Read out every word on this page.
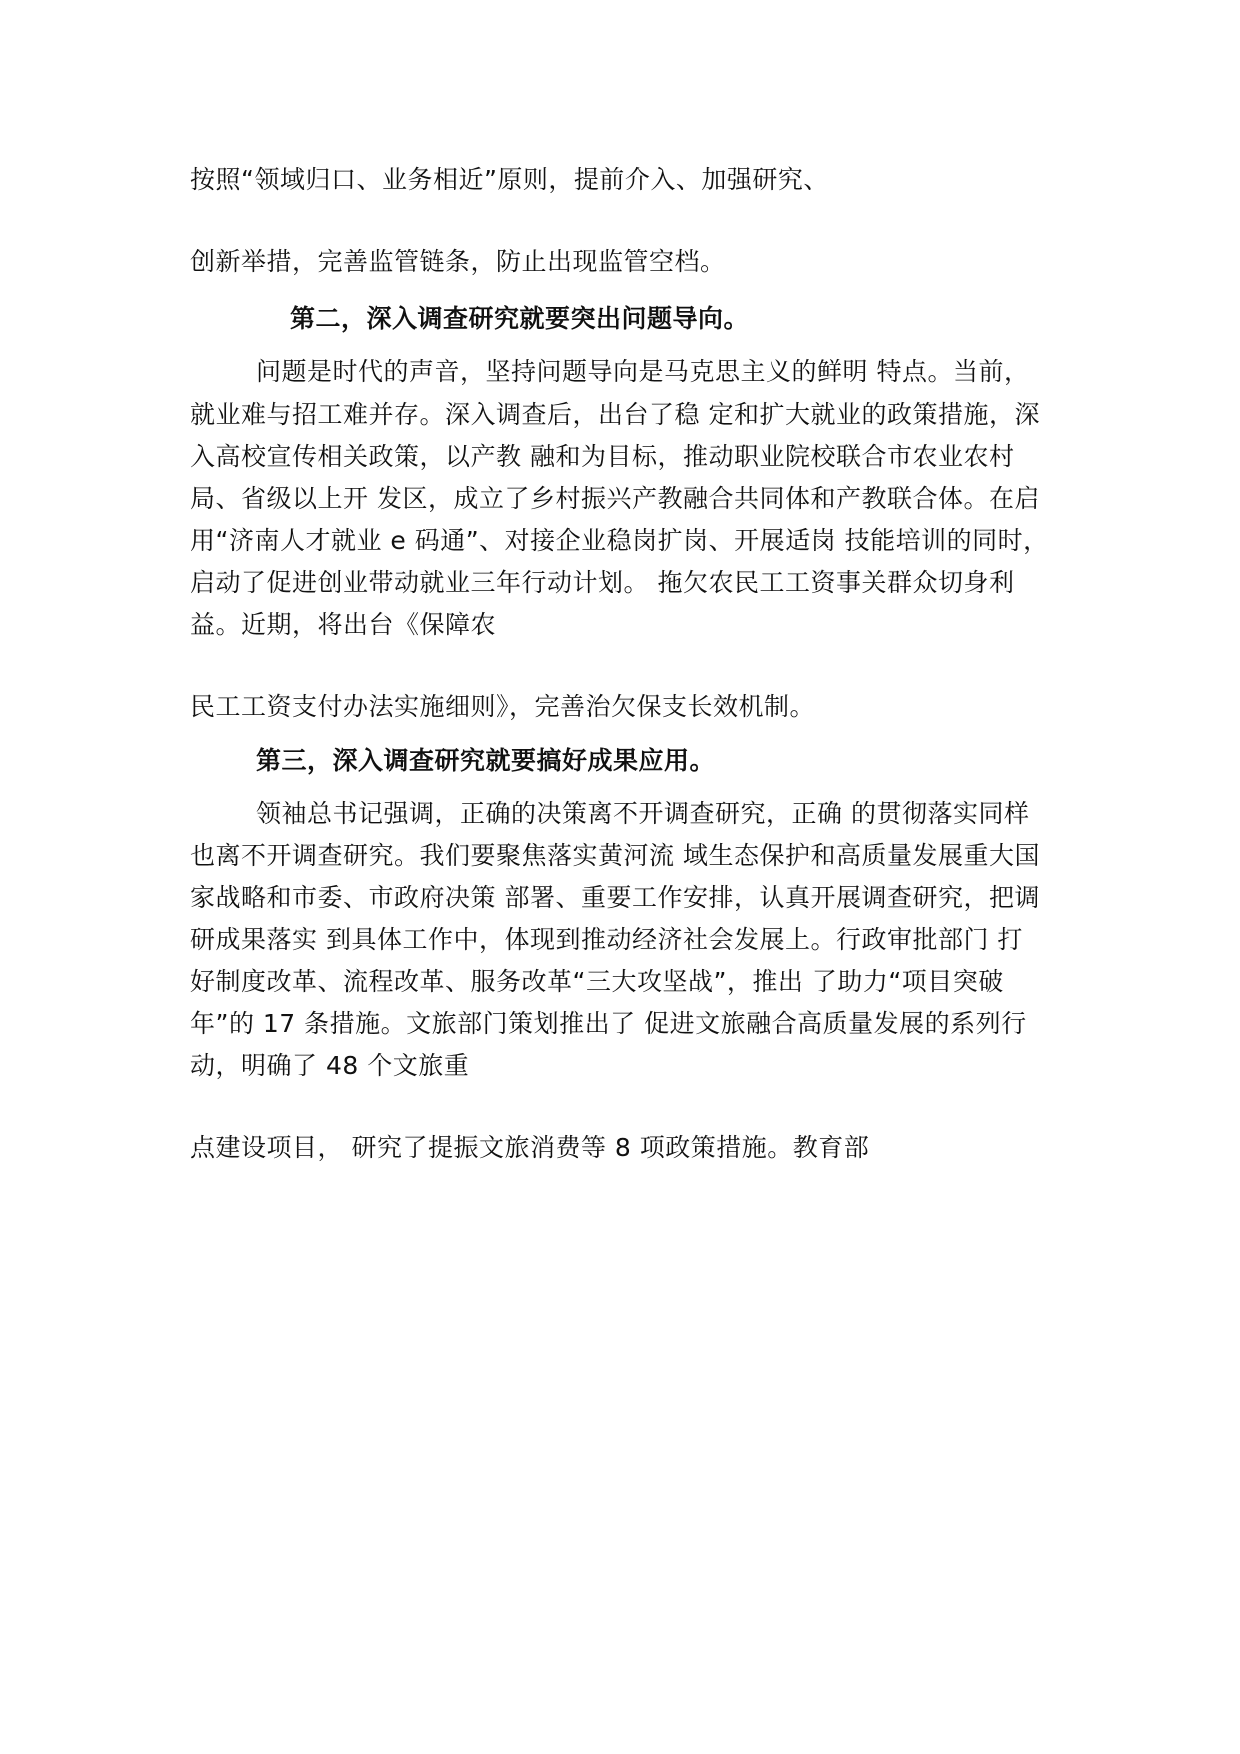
按照“领域归口、业务相近”原则，提前介入、加强研究、
创新举措，完善监管链条，防止出现监管空档。
第二，深入调查研究就要突出问题导向。
问题是时代的声音，坚持问题导向是马克思主义的鲜明 特点。当前，
就业难与招工难并存。深入调查后，出台了稳 定和扩大就业的政策措施，深
入高校宣传相关政策，以产教 融和为目标，推动职业院校联合市农业农村
局、省级以上开 发区，成立了乡村振兴产教融合共同体和产教联合体。在启
用“济南人才就业 e 码通”、对接企业稳岗扩岗、开展适岗 技能培训的同时，
启动了促进创业带动就业三年行动计划。 拖欠农民工工资事关群众切身利
益。近期，将出台《保障农
民工工资支付办法实施细则》，完善治欠保支长效机制。
第三，深入调查研究就要搞好成果应用。
领袖总书记强调，正确的决策离不开调查研究，正确 的贯彻落实同样
也离不开调查研究。我们要聚焦落实黄河流 域生态保护和高质量发展重大国
家战略和市委、市政府决策 部署、重要工作安排，认真开展调查研究，把调
研成果落实 到具体工作中，体现到推动经济社会发展上。行政审批部门 打
好制度改革、流程改革、服务改革“三大攻坚战”，推出 了助力“项目突破
年”的 17 条措施。文旅部门策划推出了 促进文旅融合高质量发展的系列行
动，明确了 48 个文旅重
点建设项目， 研究了提振文旅消费等 8 项政策措施。教育部
